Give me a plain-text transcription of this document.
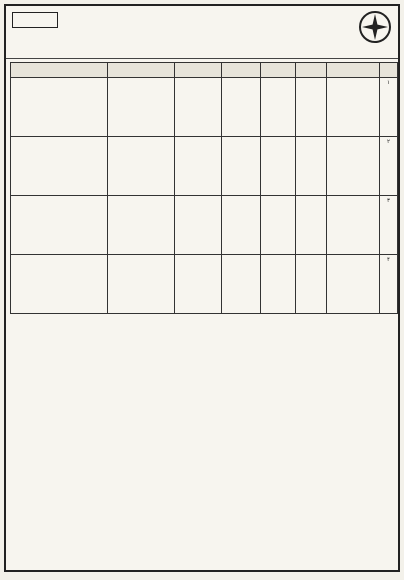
۱							
۲							
۳							
۴							
